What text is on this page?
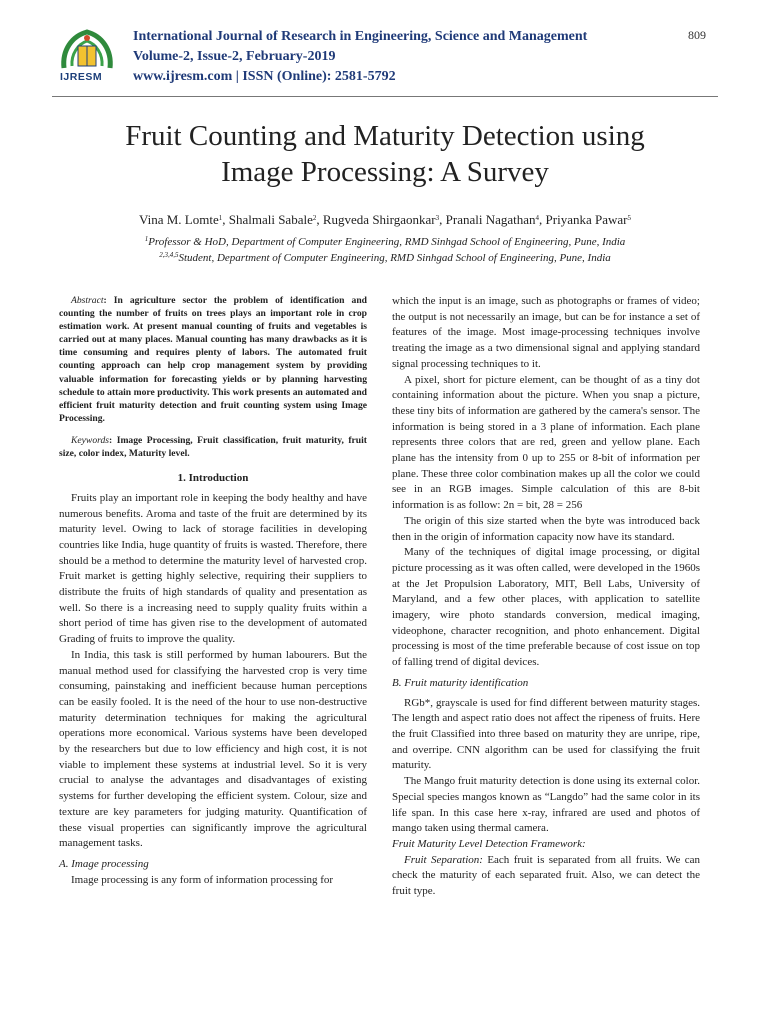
IJRESM
International Journal of Research in Engineering, Science and Management
Volume-2, Issue-2, February-2019
www.ijresm.com | ISSN (Online): 2581-5792
809
Fruit Counting and Maturity Detection using
Image Processing: A Survey
Vina M. Lomte$^1$, Shalmali Sabale$^2$, Rugveda Shirgaonkar$^3$, Pranali Nagathan$^4$, Priyanka Pawar$^5$
$^1$Professor & HoD, Department of Computer Engineering, RMD Sinhgad School of Engineering, Pune, India
$^{2,3,4,5}$Student, Department of Computer Engineering, RMD Sinhgad School of Engineering, Pune, India

Abstract: In agriculture sector the problem of identification and counting the number of fruits on trees plays an important role in crop estimation work. At present manual counting of fruits and vegetables is carried out at many places. Manual counting has many drawbacks as it is time consuming and requires plenty of labors. The automated fruit counting approach can help crop management system by providing valuable information for forecasting yields or by planning harvesting schedule to attain more productivity. This work presents an automated and efficient fruit maturity detection and fruit counting system using Image Processing.

Keywords: Image Processing, Fruit classification, fruit maturity, fruit size, color index, Maturity level.

1. Introduction

Fruits play an important role in keeping the body healthy and have numerous benefits. Aroma and taste of the fruit are determined by its maturity level. Owing to lack of storage facilities in developing countries like India, huge quantity of fruits is wasted. Therefore, there should be a method to determine the maturity level of harvested crop. Fruit market is getting highly selective, requiring their suppliers to distribute the fruits of high standards of quality and presentation as well. So there is a increasing need to supply quality fruits within a short period of time has given rise to the development of automated Grading of fruits to improve the quality.

In India, this task is still performed by human labourers. But the manual method used for classifying the harvested crop is very time consuming, painstaking and inefficient because human perceptions can be easily fooled. It is the need of the hour to use non-destructive maturity determination techniques for making the agricultural operations more economical. Various systems have been developed by the researchers but due to low efficiency and high cost, it is not viable to implement these systems at industrial level. So it is very crucial to analyse the advantages and disadvantages of existing systems for further developing the efficient system. Colour, size and texture are key parameters for judging maturity. Quantification of these visual properties can significantly improve the agricultural management tasks.

A. Image processing

Image processing is any form of information processing for

which the input is an image, such as photographs or frames of video; the output is not necessarily an image, but can be for instance a set of features of the image. Most image-processing techniques involve treating the image as a two dimensional signal and applying standard signal processing techniques to it.

A pixel, short for picture element, can be thought of as a tiny dot containing information about the picture. When you snap a picture, these tiny bits of information are gathered by the camera's sensor. The information is being stored in a 3 plane of information. Each plane represents three colors that are red, green and yellow plane. Each plane has the intensity from 0 up to 255 or 8-bit of information per plane. These three color combination makes up all the color we could see in an RGB images. Simple calculation of this are 8-bit information is as follow: 2n = bit, 28 = 256

The origin of this size started when the byte was introduced back then in the origin of information capacity now have its standard.

Many of the techniques of digital image processing, or digital picture processing as it was often called, were developed in the 1960s at the Jet Propulsion Laboratory, MIT, Bell Labs, University of Maryland, and a few other places, with application to satellite imagery, wire photo standards conversion, medical imaging, videophone, character recognition, and photo enhancement. Digital processing is most of the time preferable because of cost issue on top of falling trend of digital devices.

B. Fruit maturity identification

RGb*, grayscale is used for find different between maturity stages. The length and aspect ratio does not affect the ripeness of fruits. Here the fruit Classified into three based on maturity they are unripe, ripe, and overripe. CNN algorithm can be used for classifying the fruit maturity.

The Mango fruit maturity detection is done using its external color. Special species mangos known as “Langdo” had the same color in its life span. In this case here x-ray, infrared are used and photos of mango taken using thermal camera.

Fruit Maturity Level Detection Framework:

Fruit Separation: Each fruit is separated from all fruits. We can check the maturity of each separated fruit. Also, we can detect the fruit type.
